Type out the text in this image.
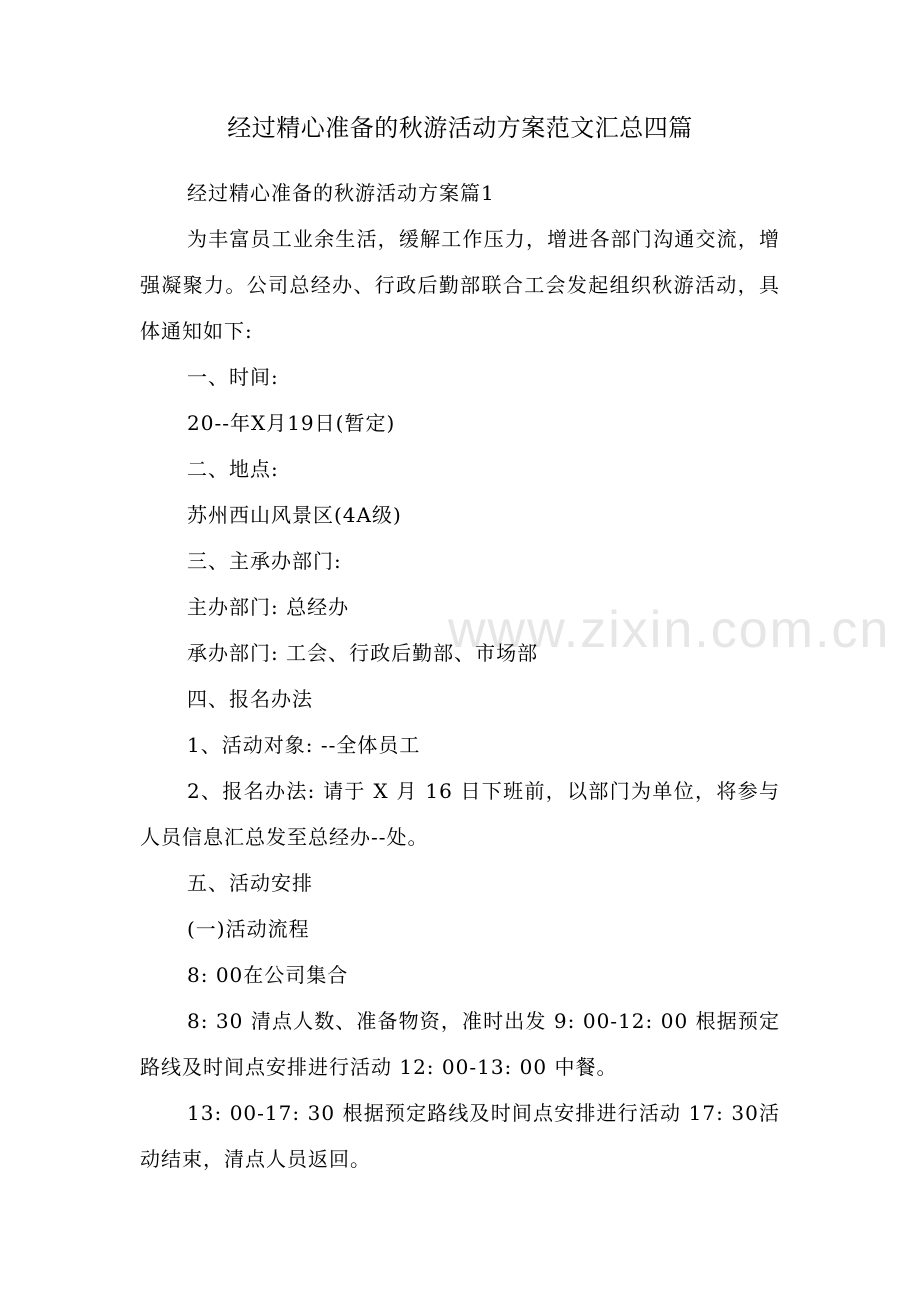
www.zixin.com.cn
经过精心准备的秋游活动方案范文汇总四篇

经过精心准备的秋游活动方案篇1

为丰富员工业余生活，缓解工作压力，增进各部门沟通交流，增强凝聚力。公司总经办、行政后勤部联合工会发起组织秋游活动，具体通知如下:

一、时间:

20--年X月19日(暂定)

二、地点:

苏州西山风景区(4A级)

三、主承办部门:

主办部门: 总经办

承办部门: 工会、行政后勤部、市场部

四、报名办法

1、活动对象: --全体员工

2、报名办法: 请于 X 月 16 日下班前，以部门为单位，将参与人员信息汇总发至总经办--处。

五、活动安排

(一)活动流程

8: 00在公司集合

8: 30 清点人数、准备物资，准时出发 9: 00-12: 00 根据预定路线及时间点安排进行活动 12: 00-13: 00 中餐。

13: 00-17: 30 根据预定路线及时间点安排进行活动 17: 30活动结束，清点人员返回。
